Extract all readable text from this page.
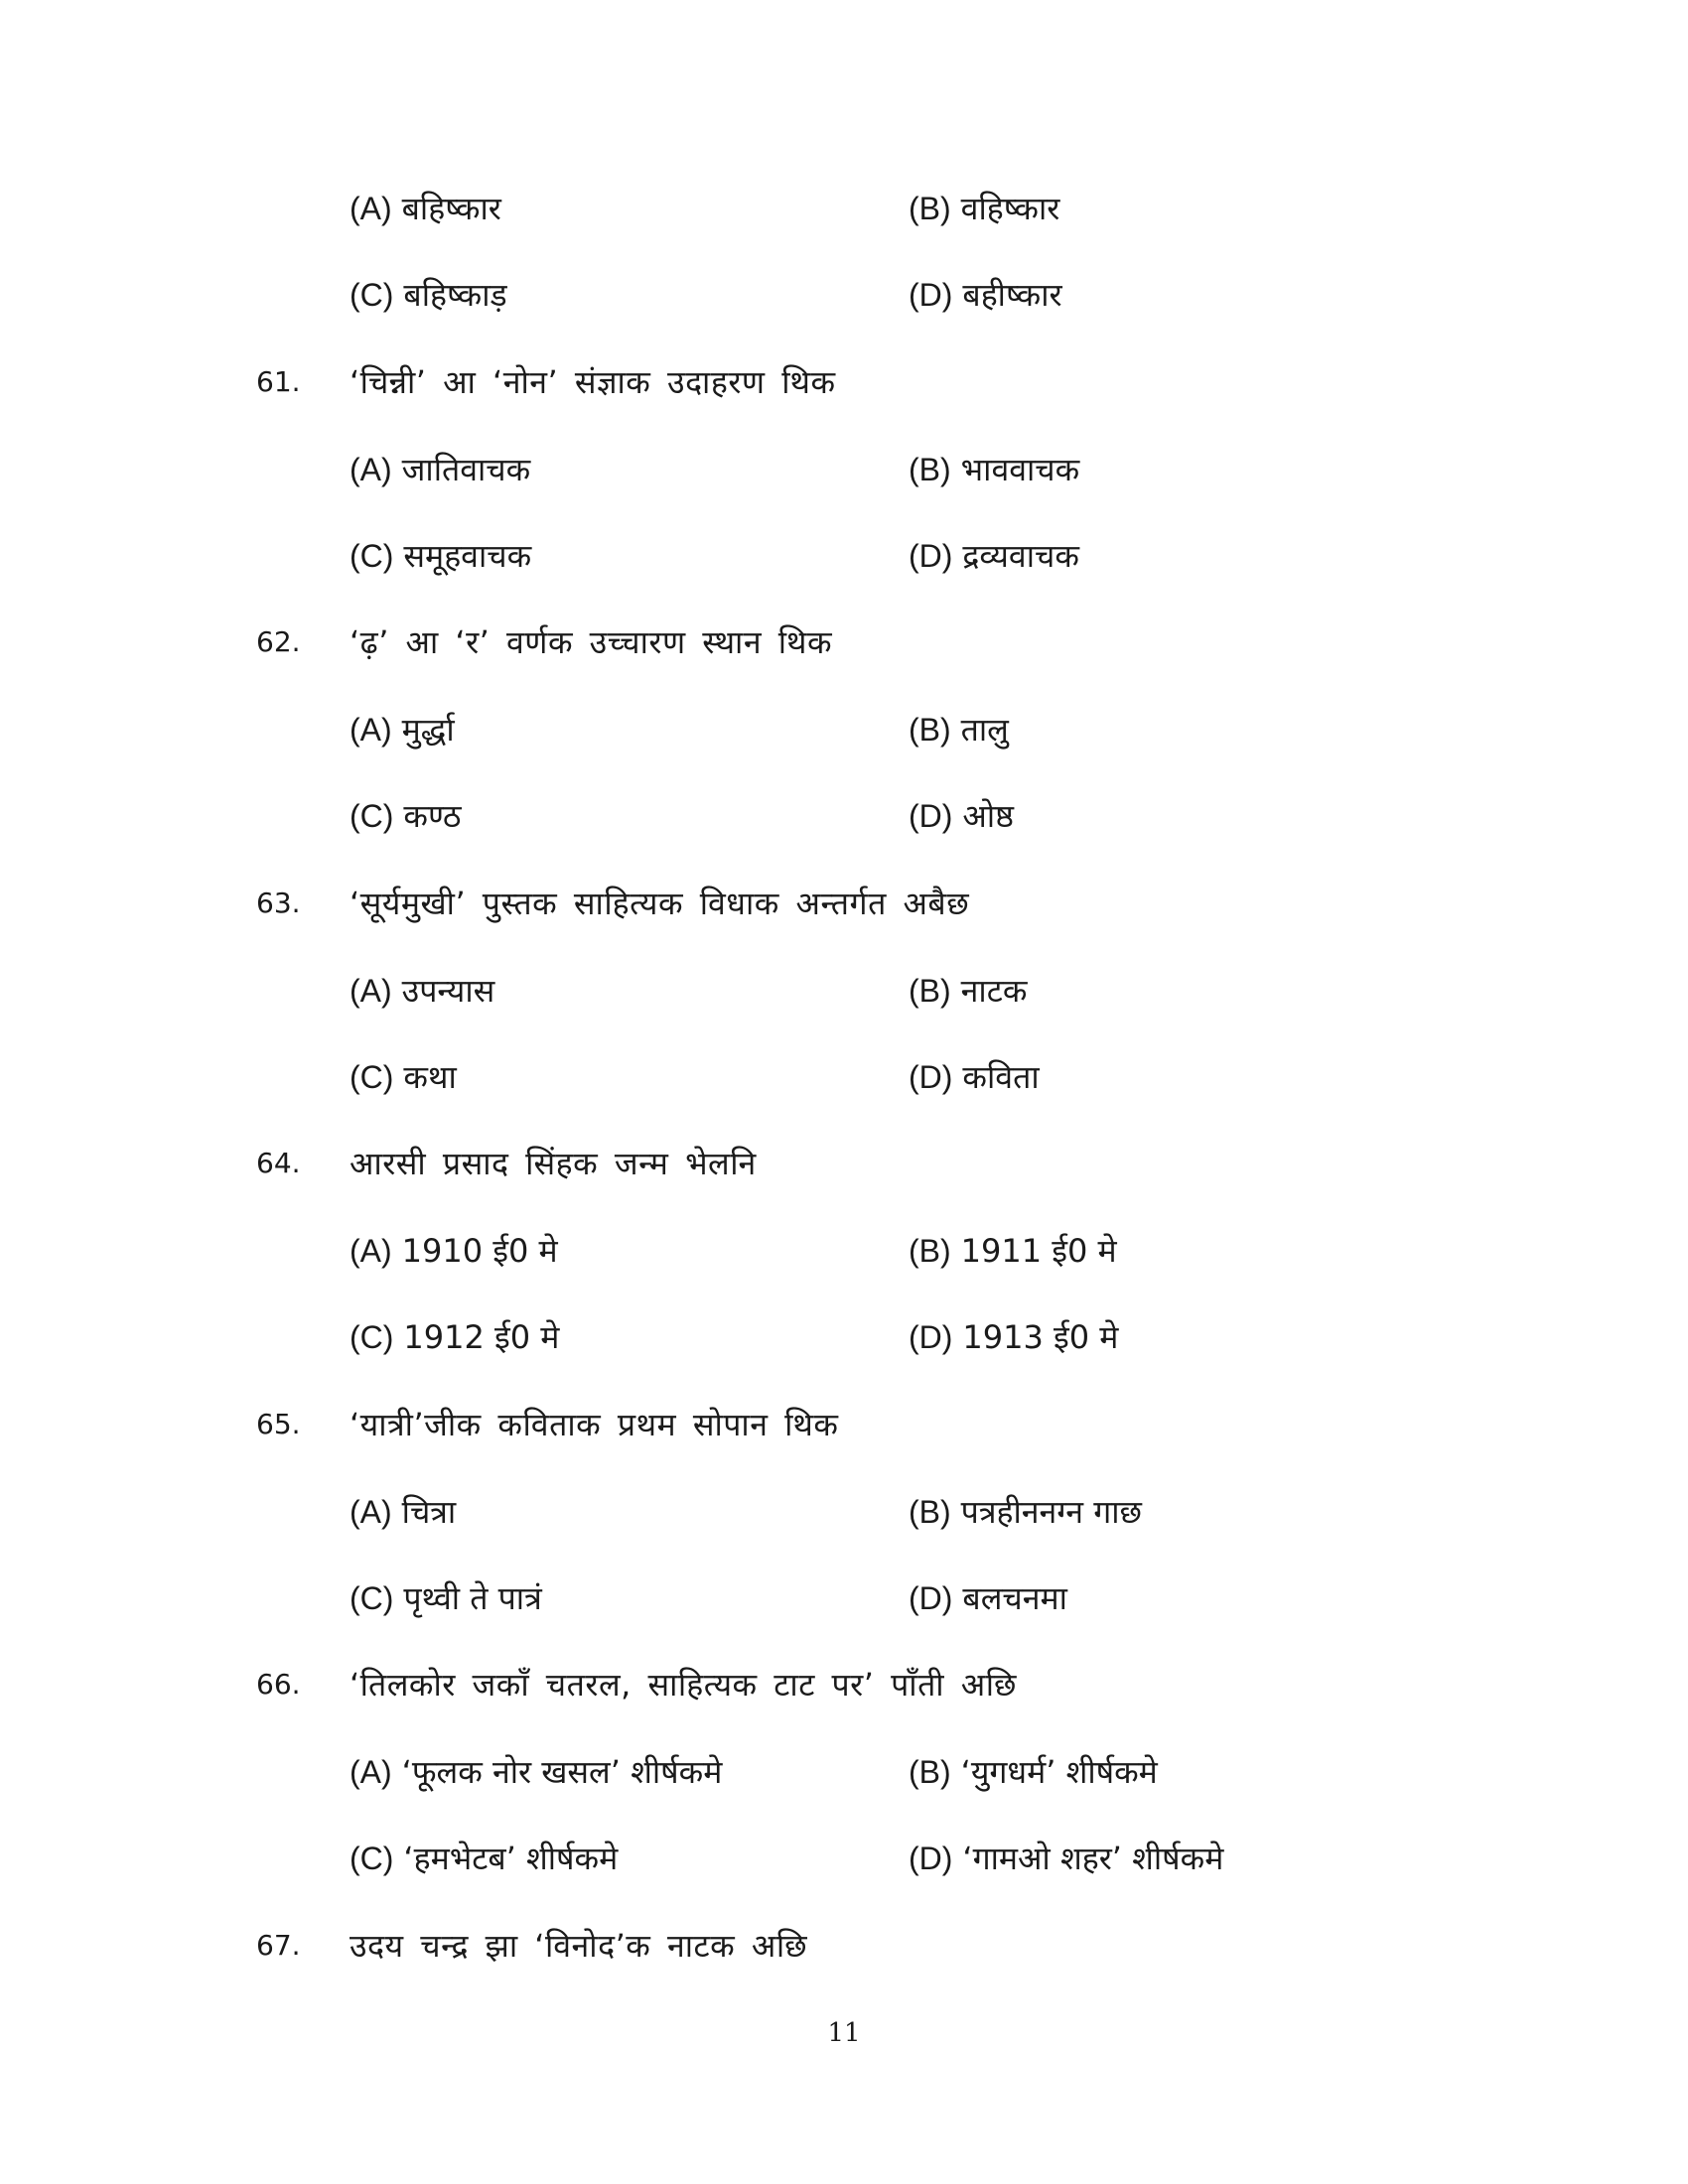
(A) बहिष्कार	(B) वहिष्कार
(C) बहिष्काड़	(D) बहीष्कार
61. ‘चिन्नी’ आ ‘नोन’ संज्ञाक उदाहरण थिक
(A) जातिवाचक	(B) भाववाचक
(C) समूहवाचक	(D) द्रव्यवाचक
62. ‘ढ़’ आ ‘र’ वर्णक उच्चारण स्थान थिक
(A) मुर्द्धा	(B) तालु
(C) कण्ठ	(D) ओष्ठ
63. ‘सूर्यमुखी’ पुस्तक साहित्यक विधाक अन्तर्गत अबैछ
(A) उपन्यास	(B) नाटक
(C) कथा	(D) कविता
64. आरसी प्रसाद सिंहक जन्म भेलनि
(A) 1910 ई0 मे	(B) 1911 ई0 मे
(C) 1912 ई0 मे	(D) 1913 ई0 मे
65. ‘यात्री’जीक कविताक प्रथम सोपान थिक
(A) चित्रा	(B) पत्रहीननग्न गाछ
(C) पृथ्वी ते पात्रं	(D) बलचनमा
66. ‘तिलकोर जकाँ चतरल, साहित्यक टाट पर’ पाँती अछि
(A) ‘फूलक नोर खसल’ शीर्षकमे	(B) ‘युगधर्म’ शीर्षकमे
(C) ‘हमभेटब’ शीर्षकमे	(D) ‘गामओ शहर’ शीर्षकमे
67. उदय चन्द्र झा ‘विनोद’क नाटक अछि
11
